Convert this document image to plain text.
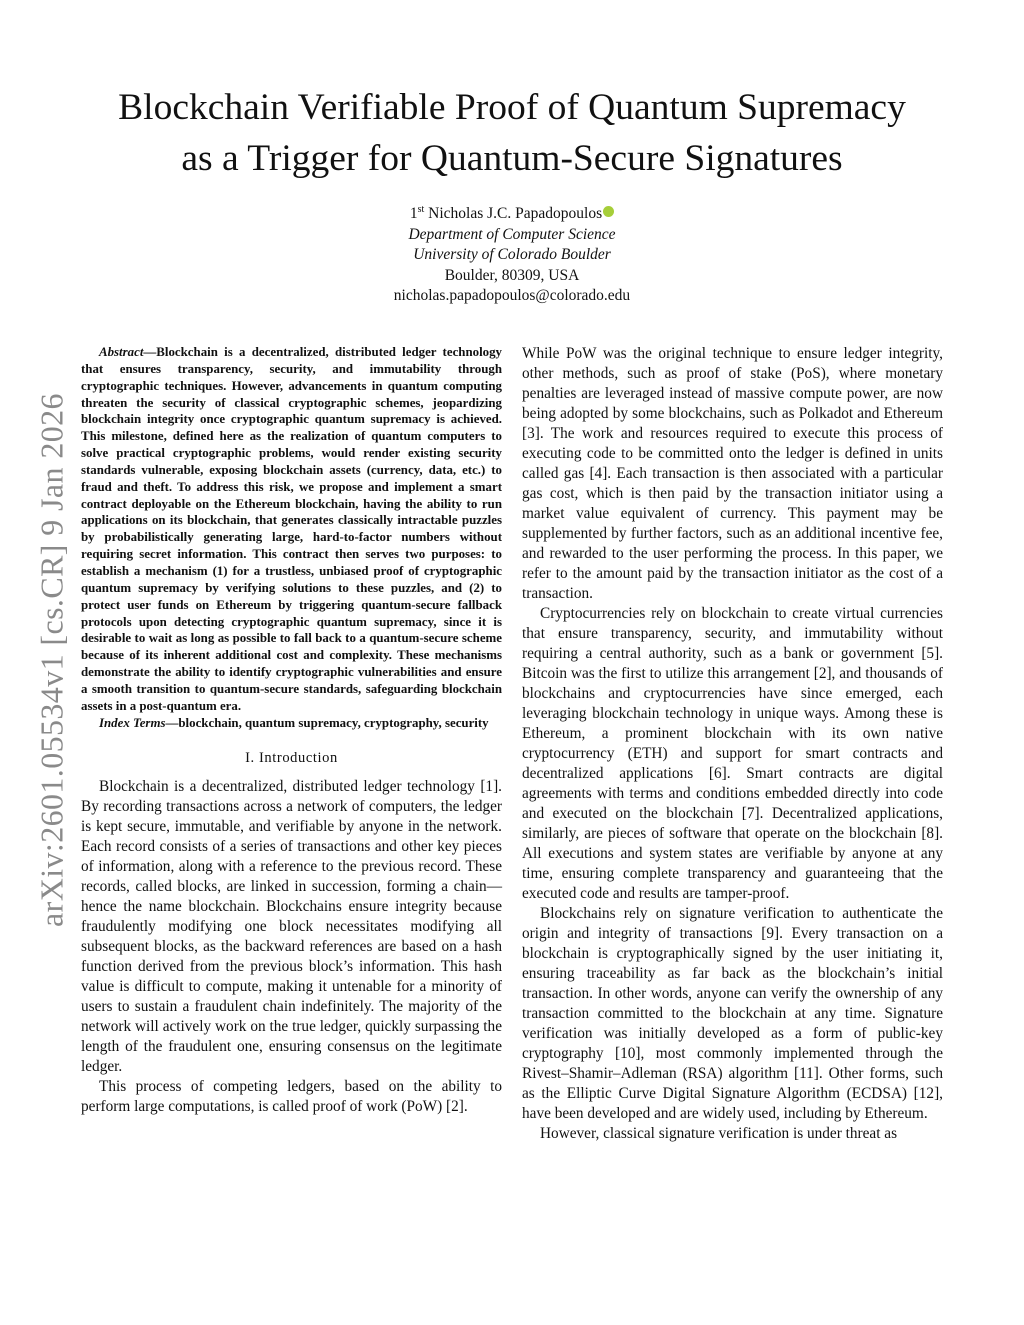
arXiv:2601.05534v1 [cs.CR] 9 Jan 2026
Blockchain Verifiable Proof of Quantum Supremacy
as a Trigger for Quantum-Secure Signatures
1st Nicholas J.C. Papadopoulos
Department of Computer Science
University of Colorado Boulder
Boulder, 80309, USA
nicholas.papadopoulos@colorado.edu

Abstract—Blockchain is a decentralized, distributed ledger technology that ensures transparency, security, and immutability through cryptographic techniques. However, advancements in quantum computing threaten the security of classical cryptographic schemes, jeopardizing blockchain integrity once cryptographic quantum supremacy is achieved. This milestone, defined here as the realization of quantum computers to solve practical cryptographic problems, would render existing security standards vulnerable, exposing blockchain assets (currency, data, etc.) to fraud and theft. To address this risk, we propose and implement a smart contract deployable on the Ethereum blockchain, having the ability to run applications on its blockchain, that generates classically intractable puzzles by probabilistically generating large, hard-to-factor numbers without requiring secret information. This contract then serves two purposes: to establish a mechanism (1) for a trustless, unbiased proof of cryptographic quantum supremacy by verifying solutions to these puzzles, and (2) to protect user funds on Ethereum by triggering quantum-secure fallback protocols upon detecting cryptographic quantum supremacy, since it is desirable to wait as long as possible to fall back to a quantum-secure scheme because of its inherent additional cost and complexity. These mechanisms demonstrate the ability to identify cryptographic vulnerabilities and ensure a smooth transition to quantum-secure standards, safeguarding blockchain assets in a post-quantum era.

Index Terms—blockchain, quantum supremacy, cryptography, security

I. Introduction

Blockchain is a decentralized, distributed ledger technology [1]. By recording transactions across a network of computers, the ledger is kept secure, immutable, and verifiable by anyone in the network. Each record consists of a series of transactions and other key pieces of information, along with a reference to the previous record. These records, called blocks, are linked in succession, forming a chain—hence the name blockchain. Blockchains ensure integrity because fraudulently modifying one block necessitates modifying all subsequent blocks, as the backward references are based on a hash function derived from the previous block’s information. This hash value is difficult to compute, making it untenable for a minority of users to sustain a fraudulent chain indefinitely. The majority of the network will actively work on the true ledger, quickly surpassing the length of the fraudulent one, ensuring consensus on the legitimate ledger.

This process of competing ledgers, based on the ability to perform large computations, is called proof of work (PoW) [2].

While PoW was the original technique to ensure ledger integrity, other methods, such as proof of stake (PoS), where monetary penalties are leveraged instead of massive compute power, are now being adopted by some blockchains, such as Polkadot and Ethereum [3]. The work and resources required to execute this process of executing code to be committed onto the ledger is defined in units called gas [4]. Each transaction is then associated with a particular gas cost, which is then paid by the transaction initiator using a market value equivalent of currency. This payment may be supplemented by further factors, such as an additional incentive fee, and rewarded to the user performing the process. In this paper, we refer to the amount paid by the transaction initiator as the cost of a transaction.

Cryptocurrencies rely on blockchain to create virtual currencies that ensure transparency, security, and immutability without requiring a central authority, such as a bank or government [5]. Bitcoin was the first to utilize this arrangement [2], and thousands of blockchains and cryptocurrencies have since emerged, each leveraging blockchain technology in unique ways. Among these is Ethereum, a prominent blockchain with its own native cryptocurrency (ETH) and support for smart contracts and decentralized applications [6]. Smart contracts are digital agreements with terms and conditions embedded directly into code and executed on the blockchain [7]. Decentralized applications, similarly, are pieces of software that operate on the blockchain [8]. All executions and system states are verifiable by anyone at any time, ensuring complete transparency and guaranteeing that the executed code and results are tamper-proof.

Blockchains rely on signature verification to authenticate the origin and integrity of transactions [9]. Every transaction on a blockchain is cryptographically signed by the user initiating it, ensuring traceability as far back as the blockchain’s initial transaction. In other words, anyone can verify the ownership of any transaction committed to the blockchain at any time. Signature verification was initially developed as a form of public-key cryptography [10], most commonly implemented through the Rivest–Shamir–Adleman (RSA) algorithm [11]. Other forms, such as the Elliptic Curve Digital Signature Algorithm (ECDSA) [12], have been developed and are widely used, including by Ethereum.

However, classical signature verification is under threat as
